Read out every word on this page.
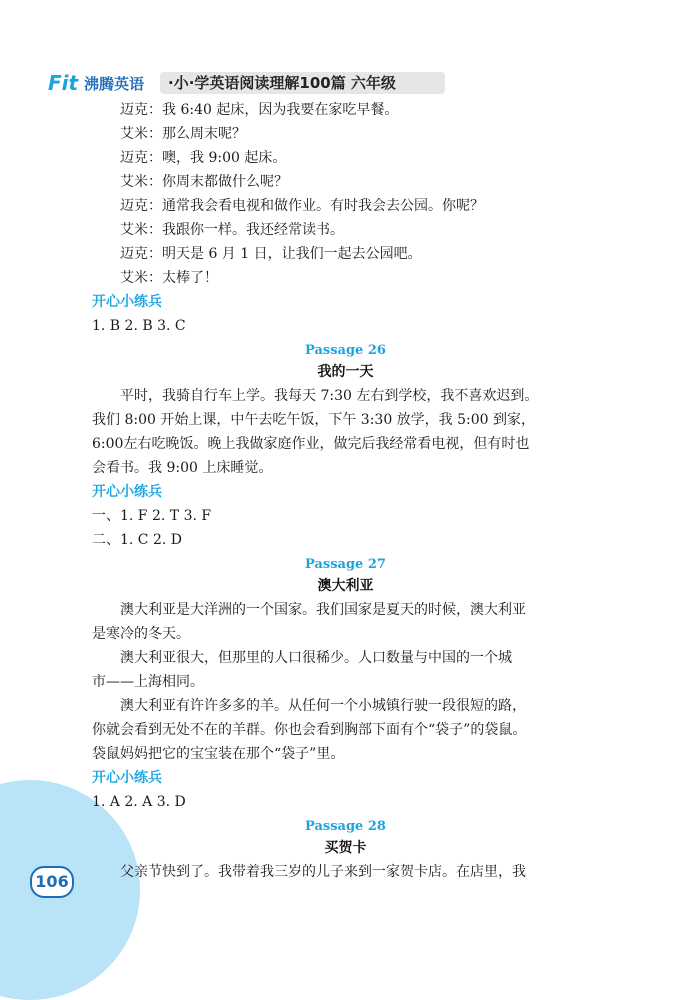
Fit 沸腾英语	·小·学英语阅读理解100篇 六年级
迈克：我 6:40 起床，因为我要在家吃早餐。
艾米：那么周末呢？
迈克：噢，我 9:00 起床。
艾米：你周末都做什么呢？
迈克：通常我会看电视和做作业。有时我会去公园。你呢？
艾米：我跟你一样。我还经常读书。
迈克：明天是 6 月 1 日，让我们一起去公园吧。
艾米：太棒了！
开心小练兵
1. B 2. B 3. C
Passage 26
我的一天
平时，我骑自行车上学。我每天 7:30 左右到学校，我不喜欢迟到。
我们 8:00 开始上课，中午去吃午饭，下午 3:30 放学，我 5:00 到家，
6:00左右吃晚饭。晚上我做家庭作业，做完后我经常看电视，但有时也
会看书。我 9:00 上床睡觉。
开心小练兵
一、1. F 2. T 3. F
二、1. C 2. D
Passage 27
澳大利亚
澳大利亚是大洋洲的一个国家。我们国家是夏天的时候，澳大利亚
是寒冷的冬天。
澳大利亚很大，但那里的人口很稀少。人口数量与中国的一个城
市——上海相同。
澳大利亚有许许多多的羊。从任何一个小城镇行驶一段很短的路，
你就会看到无处不在的羊群。你也会看到胸部下面有个“袋子”的袋鼠。
袋鼠妈妈把它的宝宝装在那个“袋子”里。
开心小练兵
1. A 2. A 3. D
Passage 28
买贺卡
父亲节快到了。我带着我三岁的儿子来到一家贺卡店。在店里，我
106
